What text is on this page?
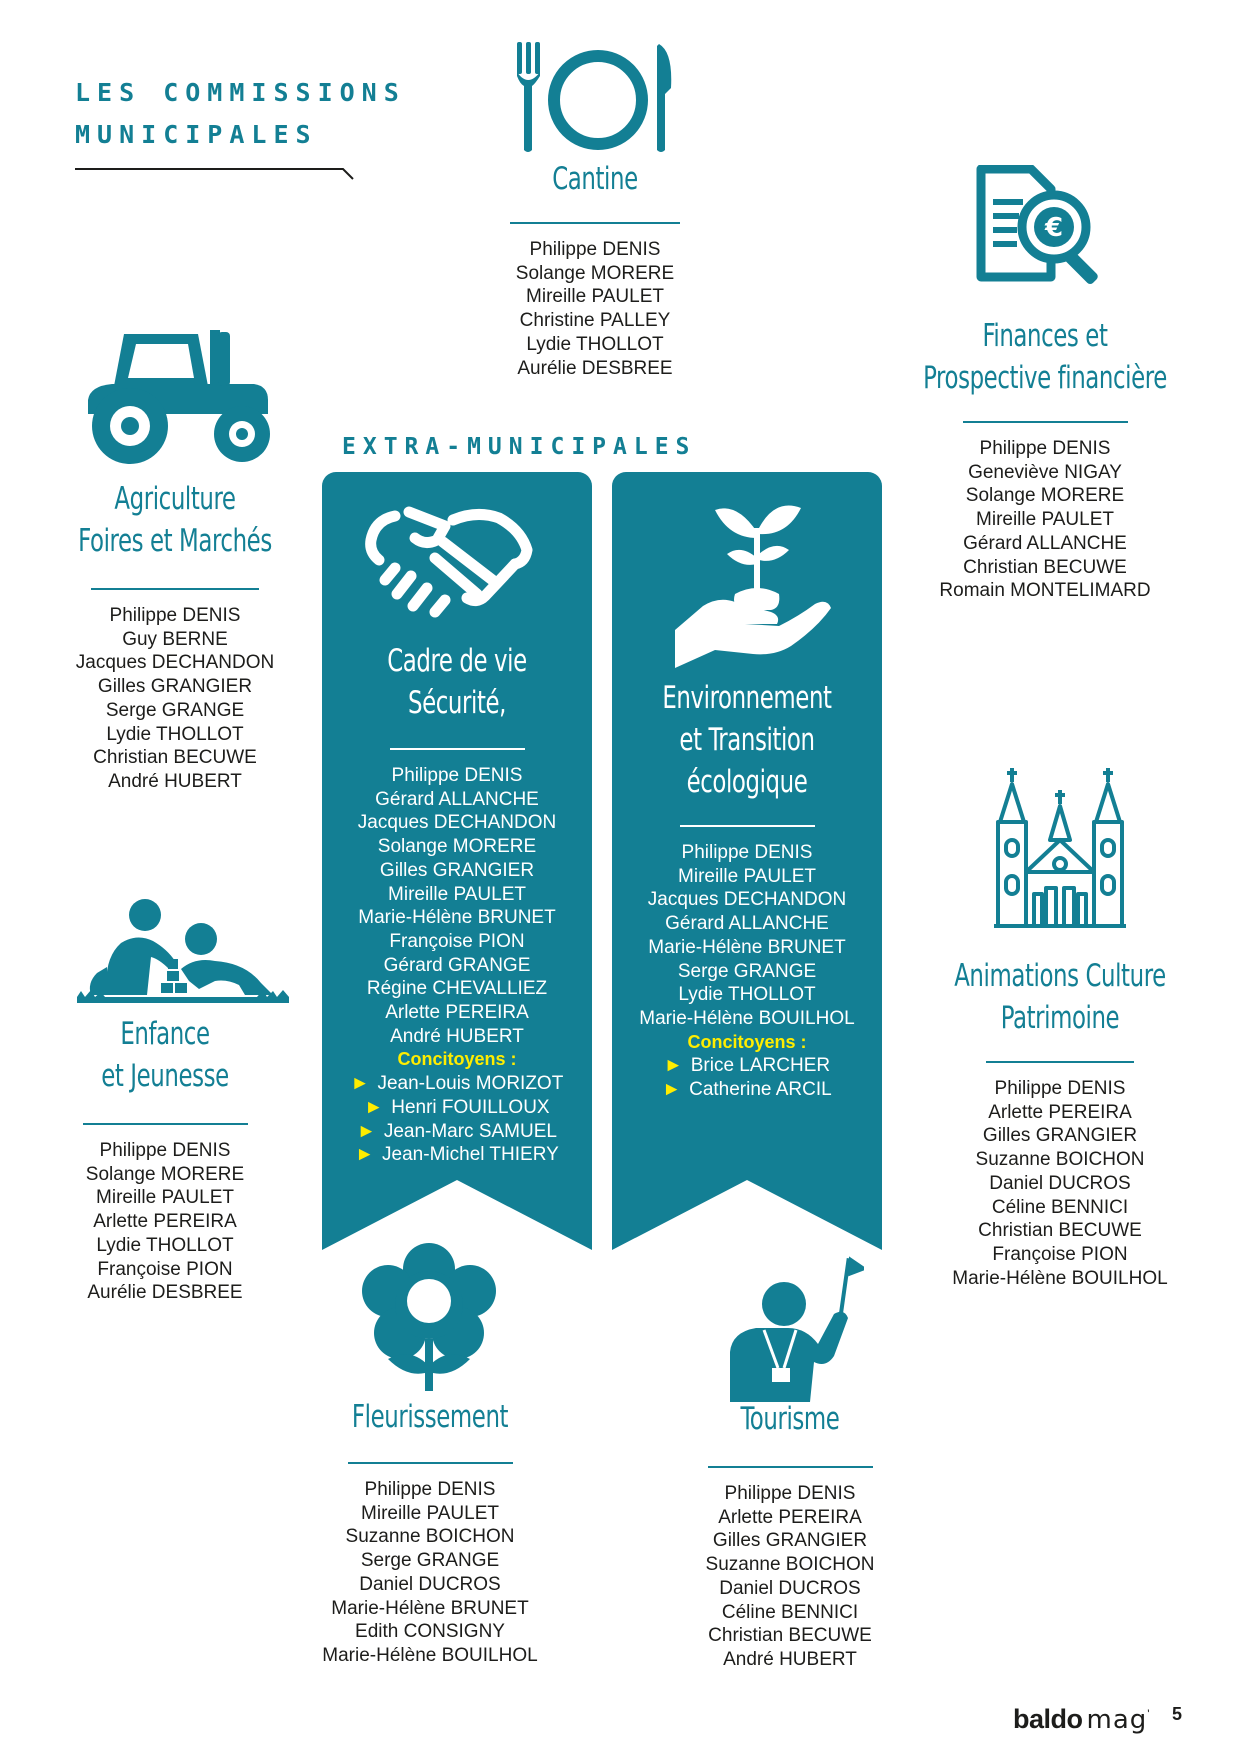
LES COMMISSIONS
MUNICIPALES
Cantine
Philippe DENIS
Solange MORERE
Mireille PAULET
Christine PALLEY
Lydie THOLLOT
Aurélie DESBREE
€
Finances et
Prospective financière
Philippe DENIS
Geneviève NIGAY
Solange MORERE
Mireille PAULET
Gérard ALLANCHE
Christian BECUWE
Romain MONTELIMARD
Agriculture
Foires et Marchés
Philippe DENIS
Guy BERNE
Jacques DECHANDON
Gilles GRANGIER
Serge GRANGE
Lydie THOLLOT
Christian BECUWE
André HUBERT
Enfance
et Jeunesse
Philippe DENIS
Solange MORERE
Mireille PAULET
Arlette PEREIRA
Lydie THOLLOT
Françoise PION
Aurélie DESBREE
EXTRA-MUNICIPALES
Cadre de vie
Sécurité,
Philippe DENIS
Gérard ALLANCHE
Jacques DECHANDON
Solange MORERE
Gilles GRANGIER
Mireille PAULET
Marie-Hélène BRUNET
Françoise PION
Gérard GRANGE
Régine CHEVALLIEZ
Arlette PEREIRA
André HUBERT
Concitoyens :
► Jean-Louis MORIZOT
► Henri FOUILLOUX
► Jean-Marc SAMUEL
► Jean-Michel THIERY
Environnement
et Transition
écologique
Philippe DENIS
Mireille PAULET
Jacques DECHANDON
Gérard ALLANCHE
Marie-Hélène BRUNET
Serge GRANGE
Lydie THOLLOT
Marie-Hélène BOUILHOL
Concitoyens :
► Brice LARCHER
► Catherine ARCIL
Animations Culture
Patrimoine
Philippe DENIS
Arlette PEREIRA
Gilles GRANGIER
Suzanne BOICHON
Daniel DUCROS
Céline BENNICI
Christian BECUWE
Françoise PION
Marie-Hélène BOUILHOL
Fleurissement
Philippe DENIS
Mireille PAULET
Suzanne BOICHON
Serge GRANGE
Daniel DUCROS
Marie-Hélène BRUNET
Edith CONSIGNY
Marie-Hélène BOUILHOL
Tourisme
Philippe DENIS
Arlette PEREIRA
Gilles GRANGIER
Suzanne BOICHON
Daniel DUCROS
Céline BENNICI
Christian BECUWE
André HUBERT
baldo mag' 5
